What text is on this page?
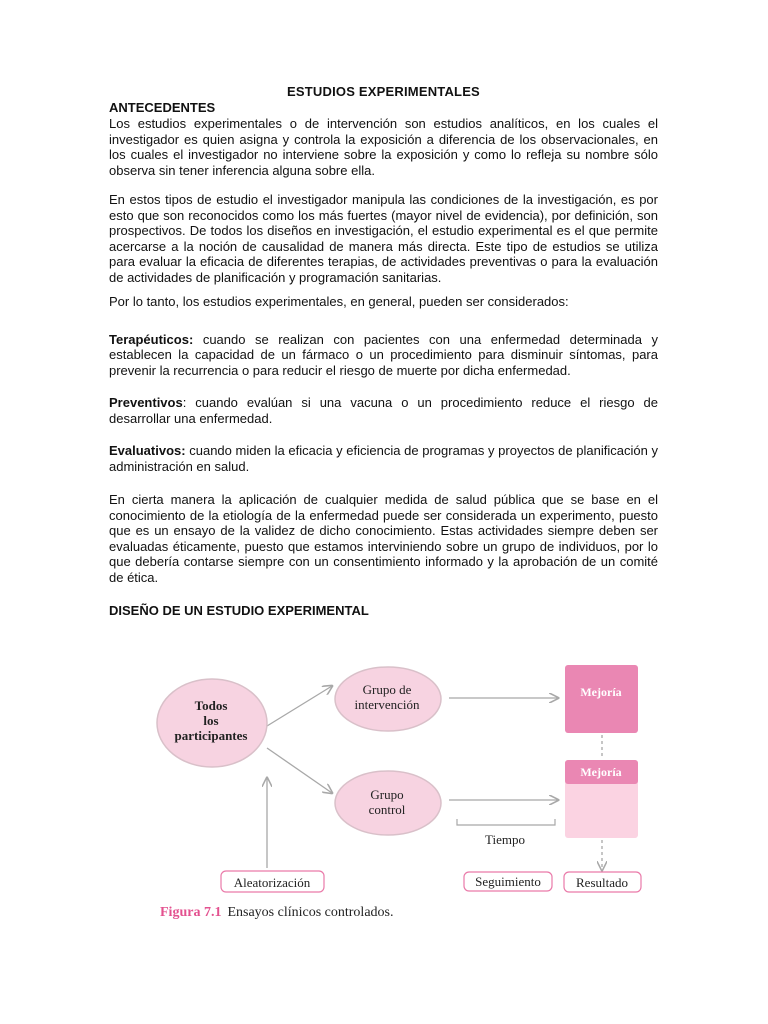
ESTUDIOS EXPERIMENTALES

ANTECEDENTES

Los estudios experimentales o de intervención son estudios analíticos, en los cuales el investigador es quien asigna y controla la exposición a diferencia de los observacionales, en los cuales el investigador no interviene sobre la exposición y como lo refleja su nombre sólo observa sin tener inferencia alguna sobre ella.

En estos tipos de estudio el investigador manipula las condiciones de la investigación, es por esto que son reconocidos como los más fuertes (mayor nivel de evidencia), por definición, son prospectivos. De todos los diseños en investigación, el estudio experimental es el que permite acercarse a la noción de causalidad de manera más directa. Este tipo de estudios se utiliza para evaluar la eficacia de diferentes terapias, de actividades preventivas o para la evaluación de actividades de planificación y programación sanitarias.

Por lo tanto, los estudios experimentales, en general, pueden ser considerados:

Terapéuticos: cuando se realizan con pacientes con una enfermedad determinada y establecen la capacidad de un fármaco o un procedimiento para disminuir síntomas, para prevenir la recurrencia o para reducir el riesgo de muerte por dicha enfermedad.

Preventivos: cuando evalúan si una vacuna o un procedimiento reduce el riesgo de desarrollar una enfermedad.

Evaluativos: cuando miden la eficacia y eficiencia de programas y proyectos de planificación y administración en salud.

En cierta manera la aplicación de cualquier medida de salud pública que se base en el conocimiento de la etiología de la enfermedad puede ser considerada un experimento, puesto que es un ensayo de la validez de dicho conocimiento. Estas actividades siempre deben ser evaluadas éticamente, puesto que estamos interviniendo sobre un grupo de individuos, por lo que debería contarse siempre con un consentimiento informado y la aprobación de un comité de ética.

DISEÑO DE UN ESTUDIO EXPERIMENTAL

Todos
los
participantes
Grupo de
intervención
Grupo
control
Mejoría
Mejoría
Tiempo
Aleatorización	Seguimiento	Resultado
Figura 7.1 Ensayos clínicos controlados.
